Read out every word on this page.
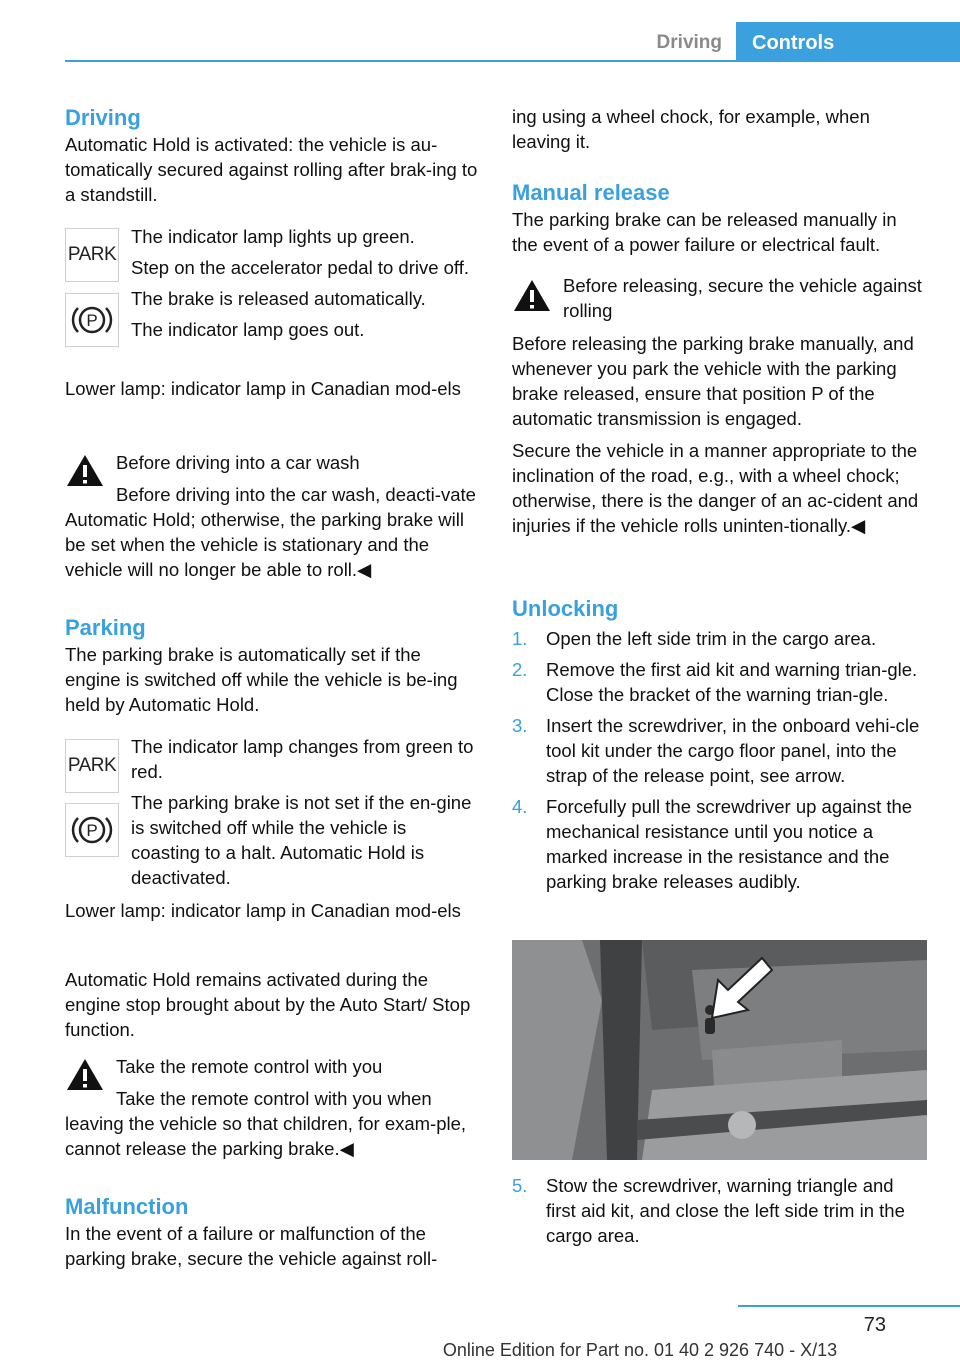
Driving	Controls
Driving

Automatic Hold is activated: the vehicle is au-tomatically secured against rolling after brak-ing to a standstill.

PARK
P

The indicator lamp lights up green.

Step on the accelerator pedal to drive off.

The brake is released automatically.

The indicator lamp goes out.

Lower lamp: indicator lamp in Canadian mod-els

Before driving into a car wash

Before driving into the car wash, deacti-vate Automatic Hold; otherwise, the parking brake will be set when the vehicle is stationary and the vehicle will no longer be able to roll.◀

Parking

The parking brake is automatically set if the engine is switched off while the vehicle is be-ing held by Automatic Hold.

PARK
P

The indicator lamp changes from green to red.

The parking brake is not set if the en-gine is switched off while the vehicle is coasting to a halt. Automatic Hold is deactivated.

Lower lamp: indicator lamp in Canadian mod-els

Automatic Hold remains activated during the engine stop brought about by the Auto Start/ Stop function.

Take the remote control with you

Take the remote control with you when leaving the vehicle so that children, for exam-ple, cannot release the parking brake.◀

Malfunction

In the event of a failure or malfunction of the parking brake, secure the vehicle against roll-

ing using a wheel chock, for example, when leaving it.

Manual release

The parking brake can be released manually in the event of a power failure or electrical fault.

Before releasing, secure the vehicle against rolling

Before releasing the parking brake manually, and whenever you park the vehicle with the parking brake released, ensure that position P of the automatic transmission is engaged.

Secure the vehicle in a manner appropriate to the inclination of the road, e.g., with a wheel chock; otherwise, there is the danger of an ac-cident and injuries if the vehicle rolls uninten-tionally.◀

Unlocking
1. Open the left side trim in the cargo area.
2. Remove the first aid kit and warning trian-gle. Close the bracket of the warning trian-gle.
3. Insert the screwdriver, in the onboard vehi-cle tool kit under the cargo floor panel, into the strap of the release point, see arrow.
4. Forcefully pull the screwdriver up against the mechanical resistance until you notice a marked increase in the resistance and the parking brake releases audibly.
5. Stow the screwdriver, warning triangle and first aid kit, and close the left side trim in the cargo area.
73
Online Edition for Part no. 01 40 2 926 740 - X/13
